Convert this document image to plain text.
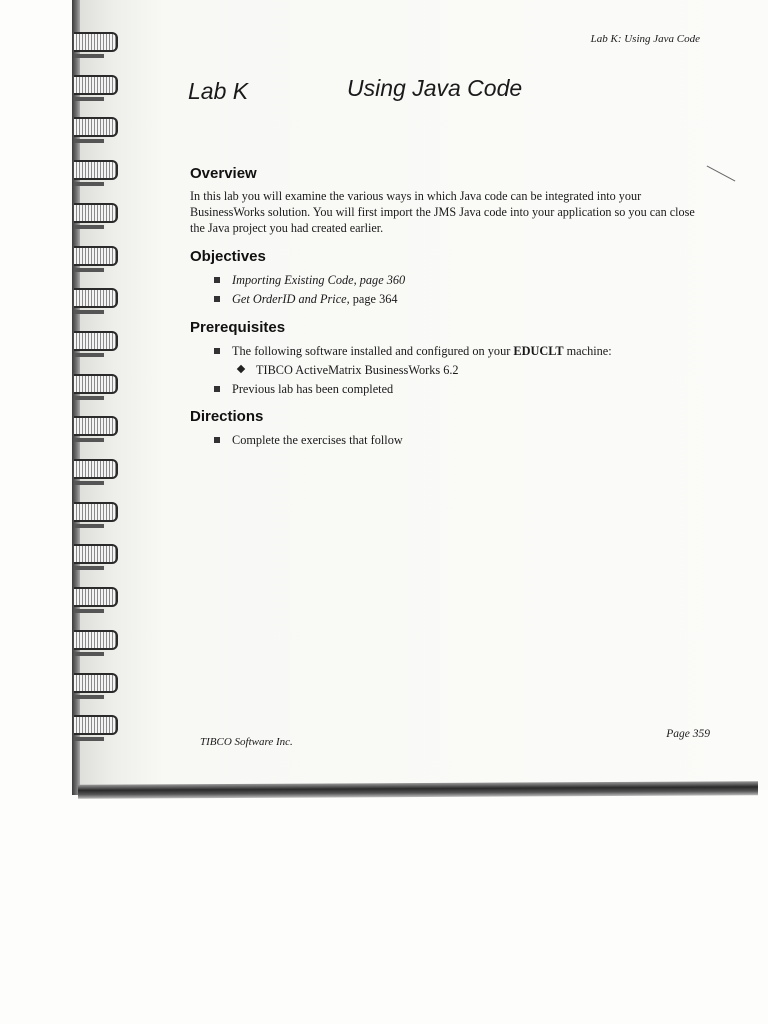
Lab K: Using Java Code
Lab K	Using Java Code
Overview

In this lab you will examine the various ways in which Java code can be integrated into your BusinessWorks solution. You will first import the JMS Java code into your application so you can close the Java project you had created earlier.

Objectives
Importing Existing Code, page 360
Get OrderID and Price, page 364
Prerequisites
The following software installed and configured on your EDUCLT machine:
TIBCO ActiveMatrix BusinessWorks 6.2
Previous lab has been completed
Directions
Complete the exercises that follow
TIBCO Software Inc.
Page 359
